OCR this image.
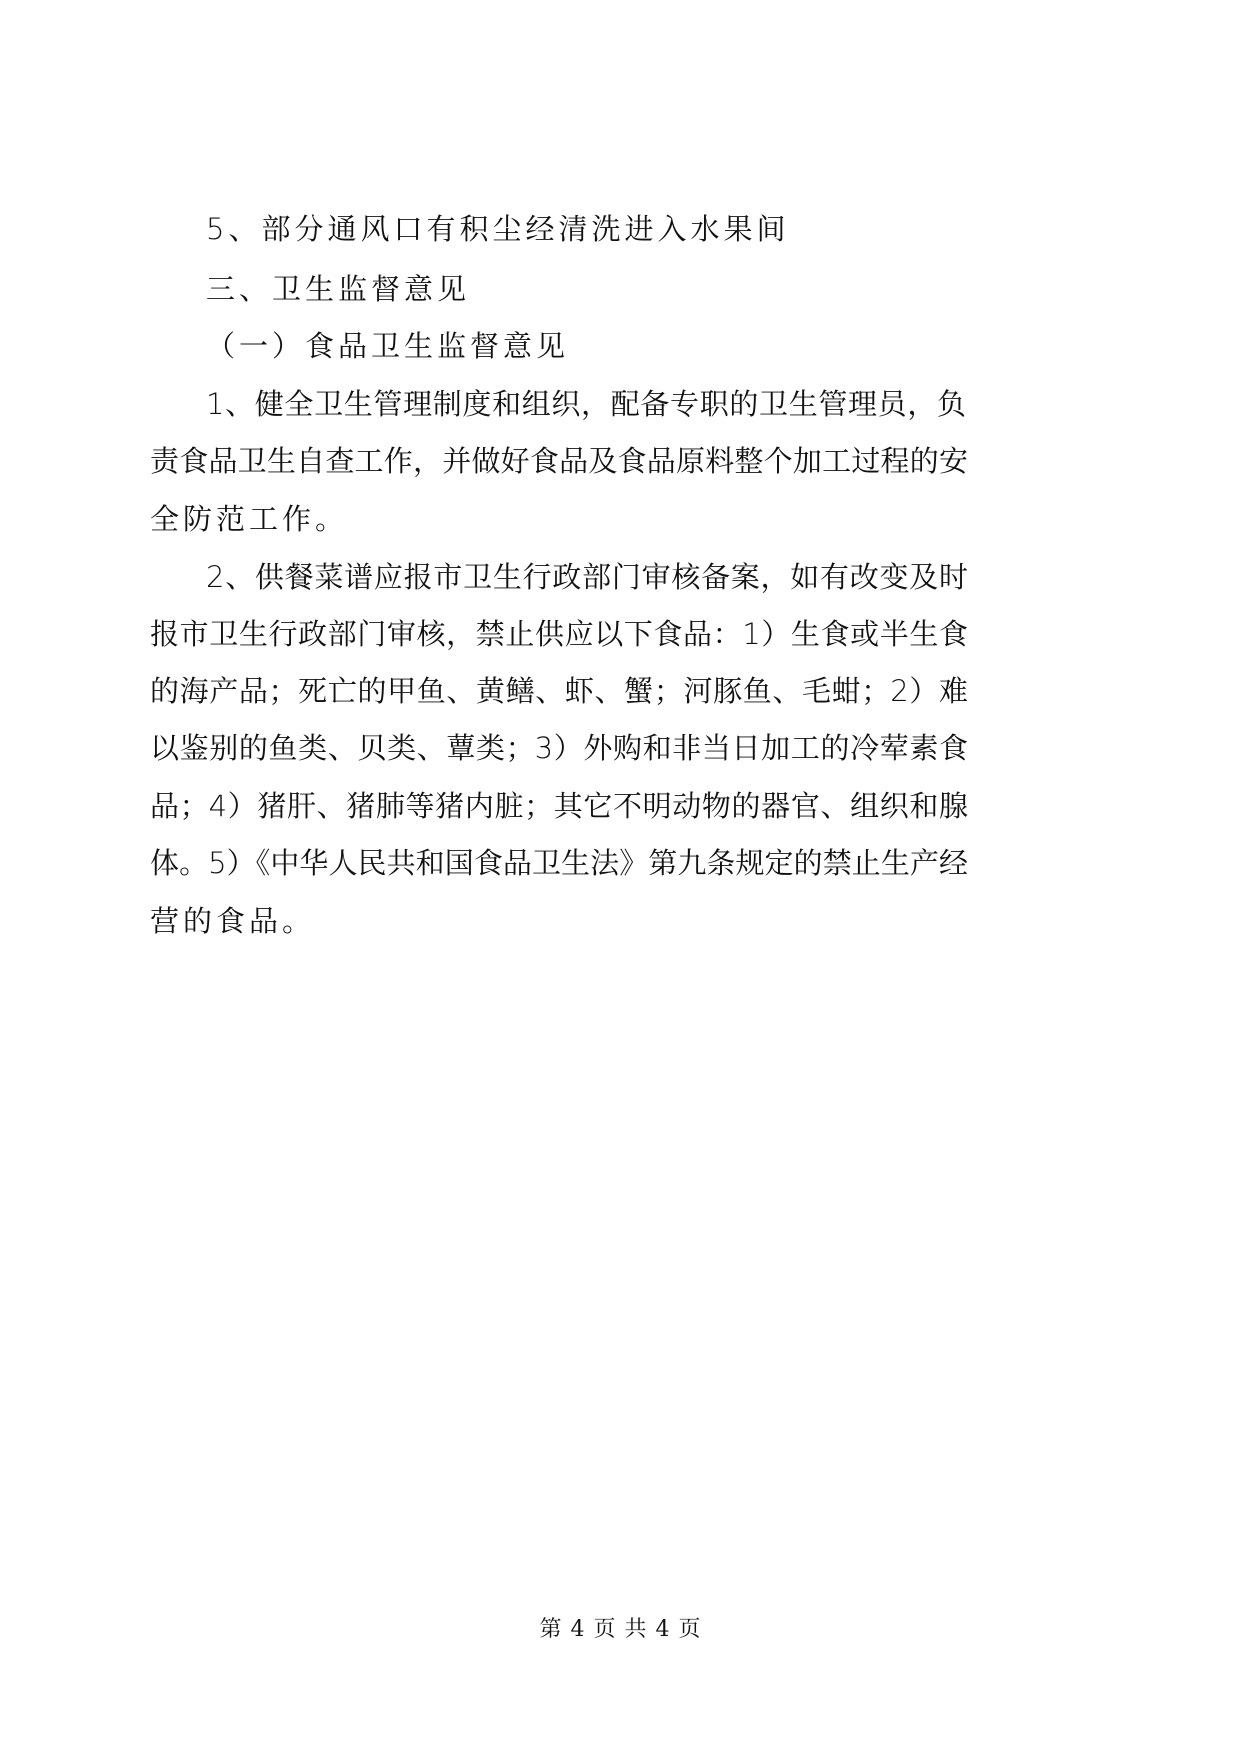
5、部分通风口有积尘经清洗进入水果间
三、卫生监督意见
（一）食品卫生监督意见
1、健全卫生管理制度和组织，配备专职的卫生管理员，负
责食品卫生自查工作，并做好食品及食品原料整个加工过程的安
全防范工作。
2、供餐菜谱应报市卫生行政部门审核备案，如有改变及时
报市卫生行政部门审核，禁止供应以下食品：1）生食或半生食
的海产品；死亡的甲鱼、黄鳝、虾、蟹；河豚鱼、毛蚶；2）难
以鉴别的鱼类、贝类、蕈类；3）外购和非当日加工的冷荤素食
品；4）猪肝、猪肺等猪内脏；其它不明动物的器官、组织和腺
体。5）《中华人民共和国食品卫生法》第九条规定的禁止生产经
营的食品。
第 4 页 共 4 页
